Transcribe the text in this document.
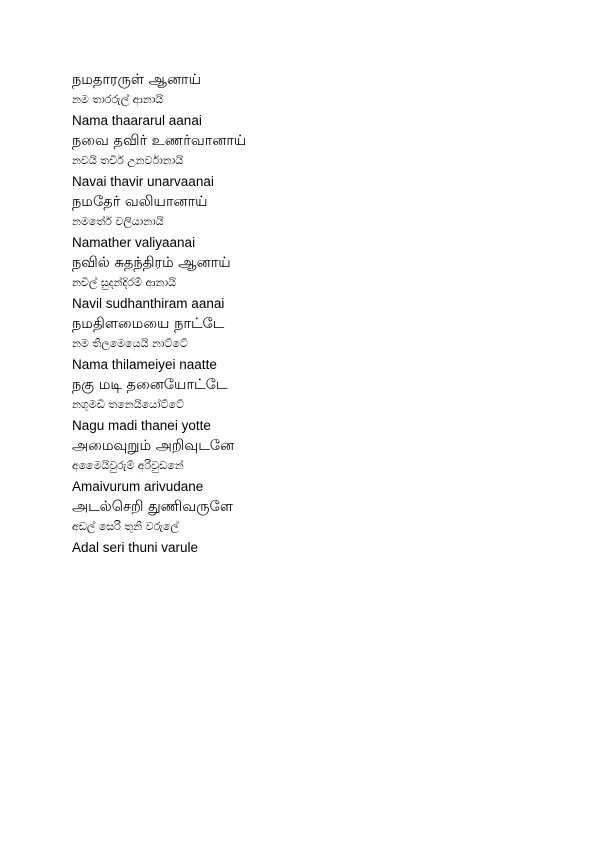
நமதாரருள் ஆனாய்
නම තාරරුල් ආනායි
Nama thaararul aanai
நவை தவிர் உணர்வானாய்
නවයි තවිර් උනර්වානායි
Navai thavir unarvaanai
நமதேர் வலியானாய்
නමතේර් වලියානායි
Namather valiyaanai
நவில் சுதந்திரம் ஆனாய்
නවිල් සුදන්දිරම් ආනායි
Navil sudhanthiram aanai
நமதிளமையை நாட்டே
නම තිලමෙයෙයි නාට්ටේ
Nama thilameiyei naatte
நகு மடி தனையோட்டே
නගුමඩි තනෙයියෝට්ටේ
Nagu madi thanei yotte
அமைவுறும் அறிவுடனே
අමෛයිවුරුම් අරිවුඩනේ
Amaivurum arivudane
அடல்செறி துணிவருளே
අඩල් සෙරි තුනි වරුලේ
Adal seri thuni varule
